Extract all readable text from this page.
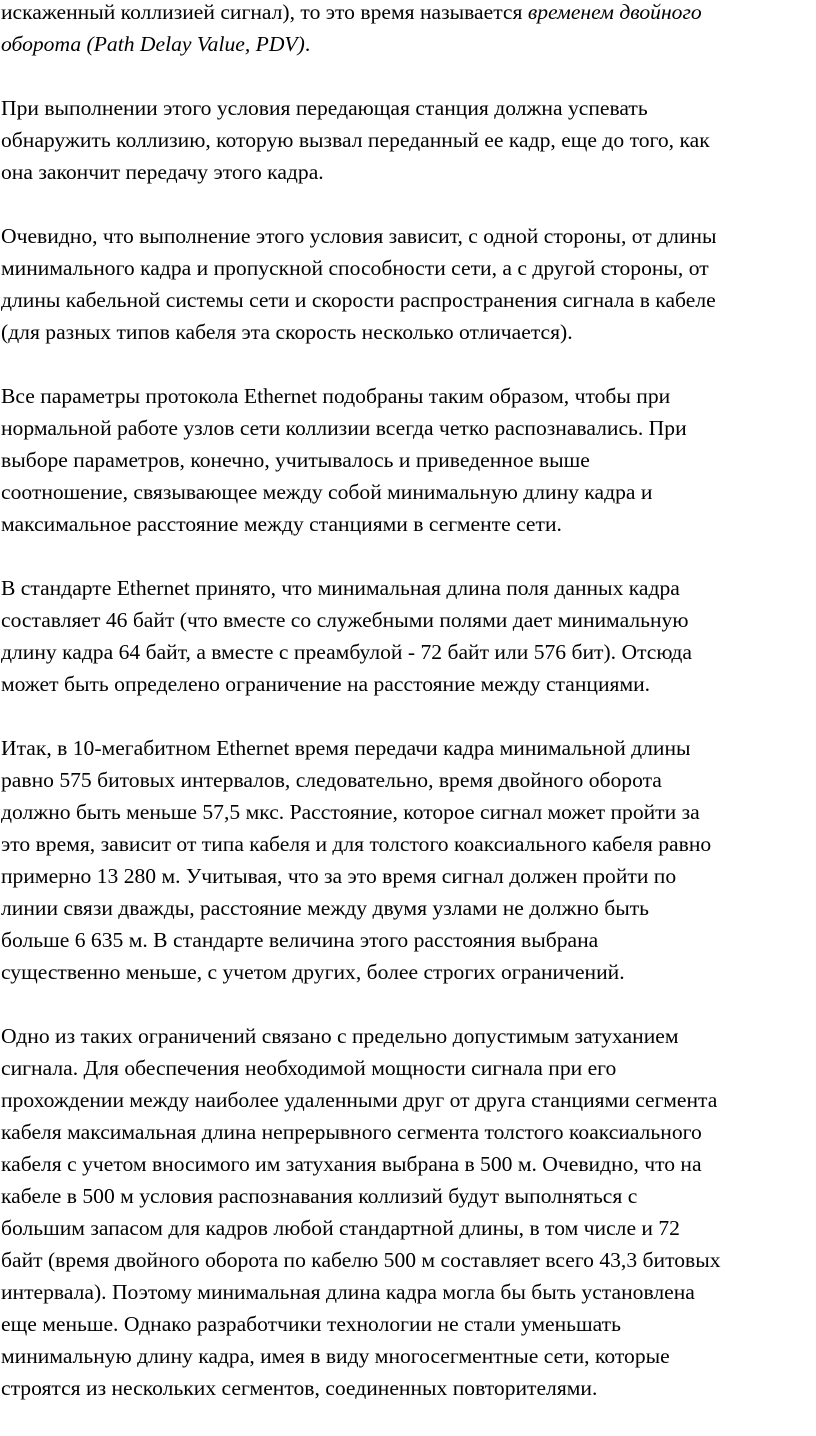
искаженный коллизией сигнал), то это время называется временем двойного
оборота (Path Delay Value, PDV).

При выполнении этого условия передающая станция должна успевать
обнаружить коллизию, которую вызвал переданный ее кадр, еще до того, как
она закончит передачу этого кадра.

Очевидно, что выполнение этого условия зависит, с одной стороны, от длины
минимального кадра и пропускной способности сети, а с другой стороны, от
длины кабельной системы сети и скорости распространения сигнала в кабеле
(для разных типов кабеля эта скорость несколько отличается).

Все параметры протокола Ethernet подобраны таким образом, чтобы при
нормальной работе узлов сети коллизии всегда четко распознавались. При
выборе параметров, конечно, учитывалось и приведенное выше
соотношение, связывающее между собой минимальную длину кадра и
максимальное расстояние между станциями в сегменте сети.

В стандарте Ethernet принято, что минимальная длина поля данных кадра
составляет 46 байт (что вместе со служебными полями дает минимальную
длину кадра 64 байт, а вместе с преамбулой - 72 байт или 576 бит). Отсюда
может быть определено ограничение на расстояние между станциями.

Итак, в 10-мегабитном Ethernet время передачи кадра минимальной длины
равно 575 битовых интервалов, следовательно, время двойного оборота
должно быть меньше 57,5 мкс. Расстояние, которое сигнал может пройти за
это время, зависит от типа кабеля и для толстого коаксиального кабеля равно
примерно 13 280 м. Учитывая, что за это время сигнал должен пройти по
линии связи дважды, расстояние между двумя узлами не должно быть
больше 6 635 м. В стандарте величина этого расстояния выбрана
существенно меньше, с учетом других, более строгих ограничений.

Одно из таких ограничений связано с предельно допустимым затуханием
сигнала. Для обеспечения необходимой мощности сигнала при его
прохождении между наиболее удаленными друг от друга станциями сегмента
кабеля максимальная длина непрерывного сегмента толстого коаксиального
кабеля с учетом вносимого им затухания выбрана в 500 м. Очевидно, что на
кабеле в 500 м условия распознавания коллизий будут выполняться с
большим запасом для кадров любой стандартной длины, в том числе и 72
байт (время двойного оборота по кабелю 500 м составляет всего 43,3 битовых
интервала). Поэтому минимальная длина кадра могла бы быть установлена
еще меньше. Однако разработчики технологии не стали уменьшать
минимальную длину кадра, имея в виду многосегментные сети, которые
строятся из нескольких сегментов, соединенных повторителями.
